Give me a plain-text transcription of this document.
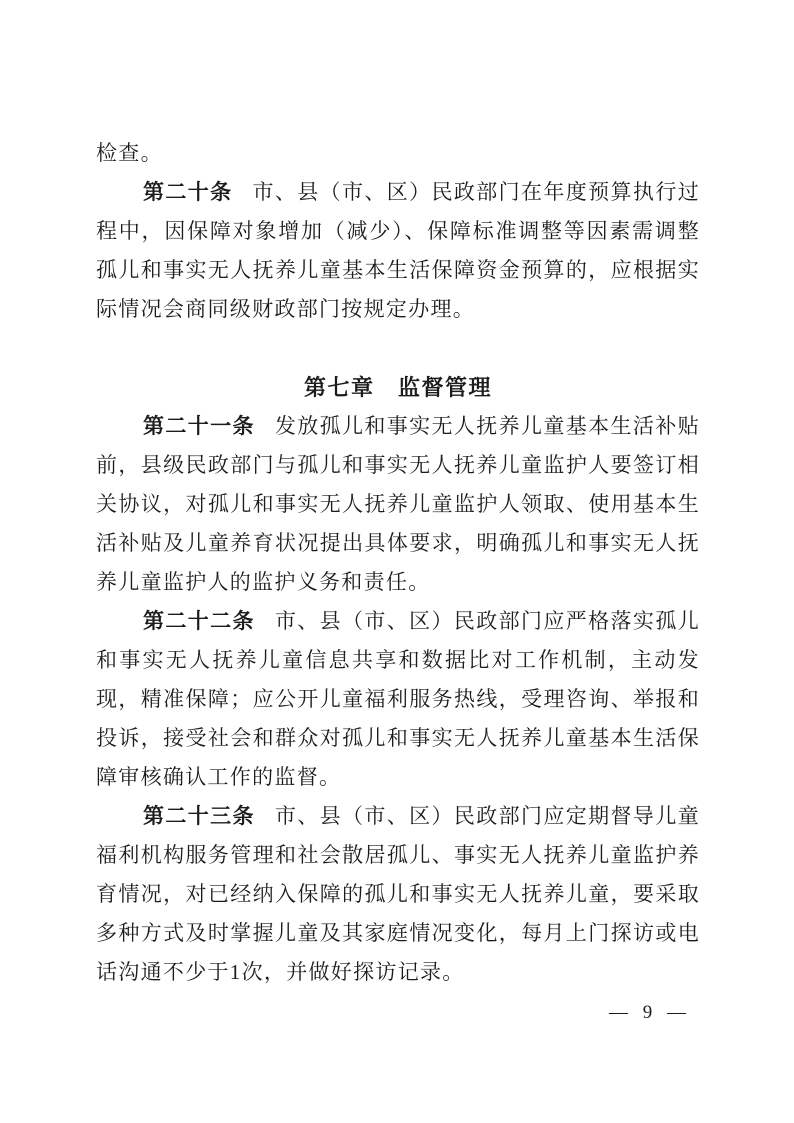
检查。

第二十条 市、县（市、区）民政部门在年度预算执行过程中，因保障对象增加（减少）、保障标准调整等因素需调整孤儿和事实无人抚养儿童基本生活保障资金预算的，应根据实际情况会商同级财政部门按规定办理。

第七章　监督管理

第二十一条 发放孤儿和事实无人抚养儿童基本生活补贴前，县级民政部门与孤儿和事实无人抚养儿童监护人要签订相关协议，对孤儿和事实无人抚养儿童监护人领取、使用基本生活补贴及儿童养育状况提出具体要求，明确孤儿和事实无人抚养儿童监护人的监护义务和责任。

第二十二条 市、县（市、区）民政部门应严格落实孤儿和事实无人抚养儿童信息共享和数据比对工作机制，主动发现，精准保障；应公开儿童福利服务热线，受理咨询、举报和投诉，接受社会和群众对孤儿和事实无人抚养儿童基本生活保障审核确认工作的监督。

第二十三条 市、县（市、区）民政部门应定期督导儿童福利机构服务管理和社会散居孤儿、事实无人抚养儿童监护养育情况，对已经纳入保障的孤儿和事实无人抚养儿童，要采取多种方式及时掌握儿童及其家庭情况变化，每月上门探访或电话沟通不少于1次，并做好探访记录。

— 9 —
